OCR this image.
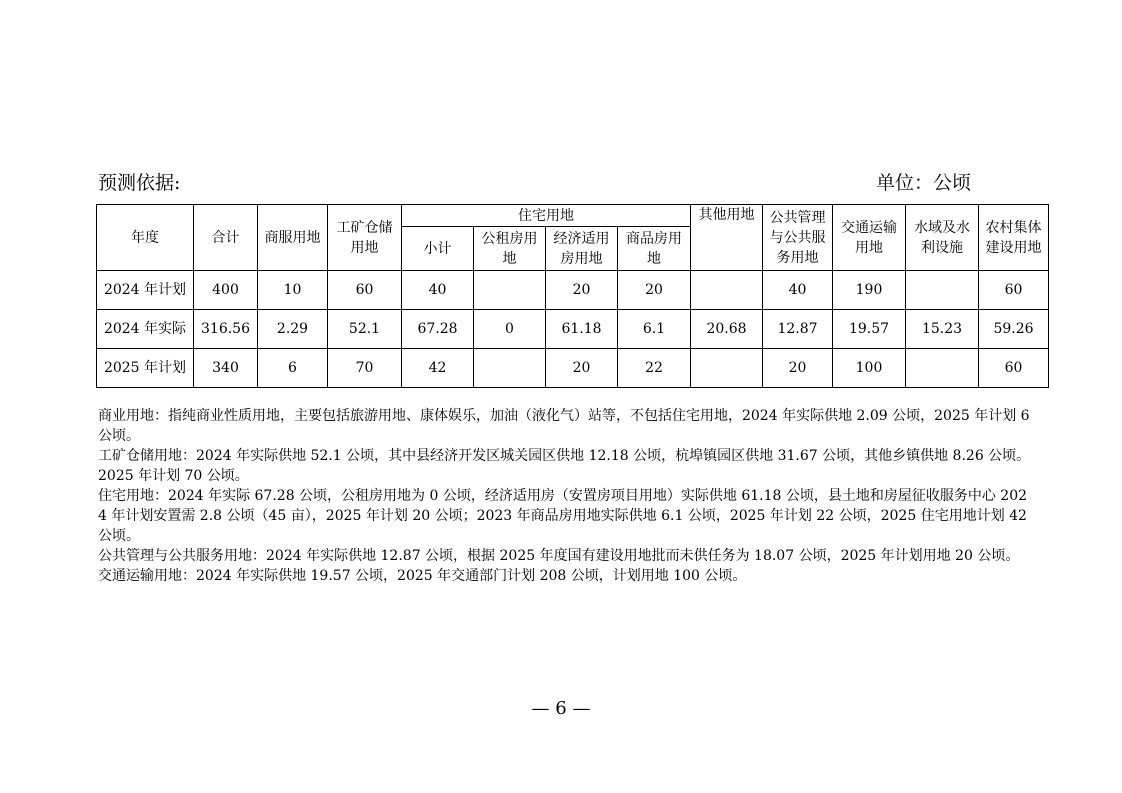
预测依据:	单位：公顷
年度	合计	商服用地	工矿仓储用地	住宅用地				其他用地	公共管理与公共服务用地	交通运输用地	水域及水利设施	农村集体建设用地
				小计	公租房用地	经济适用房用地	商品房用地					
2024 年计划	400	10	60	40		20	20		40	190		60
2024 年实际	316.56	2.29	52.1	67.28	0	61.18	6.1	20.68	12.87	19.57	15.23	59.26
2025 年计划	340	6	70	42		20	22		20	100		60

商业用地：指纯商业性质用地，主要包括旅游用地、康体娱乐，加油（液化气）站等，不包括住宅用地，2024 年实际供地 2.09 公顷，2025 年计划 6 公顷。

工矿仓储用地：2024 年实际供地 52.1 公顷，其中县经济开发区城关园区供地 12.18 公顷，杭埠镇园区供地 31.67 公顷，其他乡镇供地 8.26 公顷。2025 年计划 70 公顷。

住宅用地：2024 年实际 67.28 公顷，公租房用地为 0 公顷，经济适用房（安置房项目用地）实际供地 61.18 公顷，县土地和房屋征收服务中心 2024 年计划安置需 2.8 公顷（45 亩），2025 年计划 20 公顷；2023 年商品房用地实际供地 6.1 公顷，2025 年计划 22 公顷，2025 住宅用地计划 42 公顷。

公共管理与公共服务用地：2024 年实际供地 12.87 公顷，根据 2025 年度国有建设用地批而未供任务为 18.07 公顷，2025 年计划用地 20 公顷。

交通运输用地：2024 年实际供地 19.57 公顷，2025 年交通部门计划 208 公顷，计划用地 100 公顷。

— 6 —
